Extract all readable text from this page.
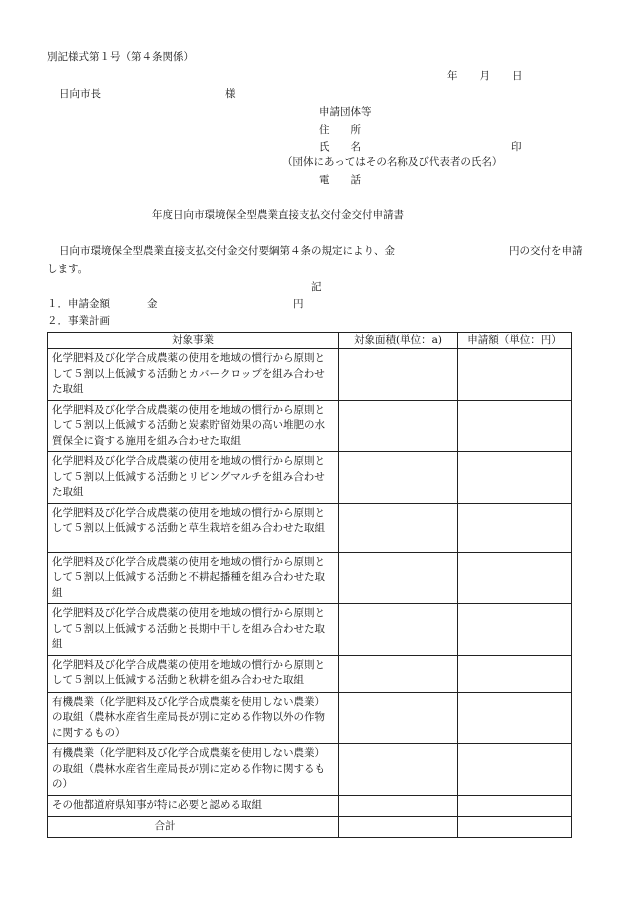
別記様式第１号（第４条関係）
年 月 日
日向市長	様
申請団体等
住　　所
氏　　名	印
（団体にあってはその名称及び代表者の氏名）
電　　話
年度日向市環境保全型農業直接支払交付金交付申請書
日向市環境保全型農業直接支払交付金交付要綱第４条の規定により、金	円の交付を申請
します。
記
１．申請金額	金	円
２．事業計画
対象事業	対象面積(単位：a)	申請額（単位：円）
化学肥料及び化学合成農薬の使用を地域の慣行から原則として５割以上低減する活動とカバークロップを組み合わせた取組		
化学肥料及び化学合成農薬の使用を地域の慣行から原則として５割以上低減する活動と炭素貯留効果の高い堆肥の水質保全に資する施用を組み合わせた取組		
化学肥料及び化学合成農薬の使用を地域の慣行から原則として５割以上低減する活動とリビングマルチを組み合わせた取組		
化学肥料及び化学合成農薬の使用を地域の慣行から原則として５割以上低減する活動と草生栽培を組み合わせた取組		
化学肥料及び化学合成農薬の使用を地域の慣行から原則として５割以上低減する活動と不耕起播種を組み合わせた取組		
化学肥料及び化学合成農薬の使用を地域の慣行から原則として５割以上低減する活動と長期中干しを組み合わせた取組		
化学肥料及び化学合成農薬の使用を地域の慣行から原則として５割以上低減する活動と秋耕を組み合わせた取組		
有機農業（化学肥料及び化学合成農薬を使用しない農業）の取組（農林水産省生産局長が別に定める作物以外の作物に関するもの）		
有機農業（化学肥料及び化学合成農薬を使用しない農業）の取組（農林水産省生産局長が別に定める作物に関するもの）		
その他都道府県知事が特に必要と認める取組		
合計		
